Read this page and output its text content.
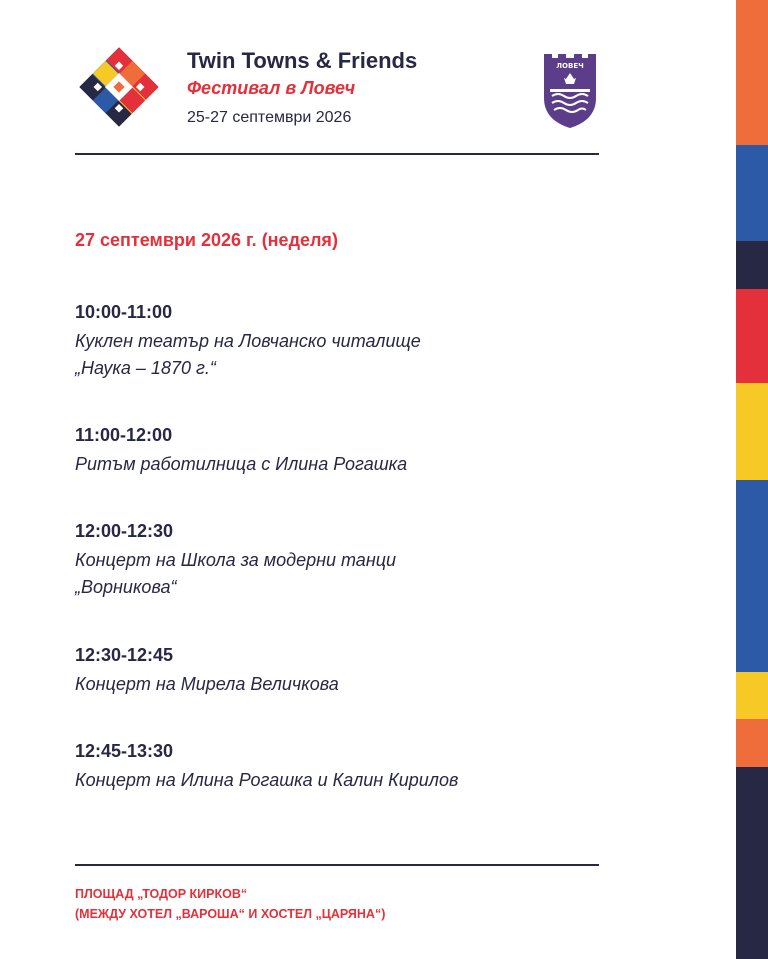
Twin Towns & Friends
Фестивал в Ловеч
25-27 септември 2026
ЛОВЕЧ
27 септември 2026 г. (неделя)
10:00-11:00
Куклен театър на Ловчанско читалище
„Наука – 1870 г.“
11:00-12:00
Ритъм работилница с Илина Рогашка
12:00-12:30
Концерт на Школа за модерни танци
„Ворникова“
12:30-12:45
Концерт на Мирела Величкова
12:45-13:30
Концерт на Илина Рогашка и Калин Кирилов
ПЛОЩАД „ТОДОР КИРКОВ“
(МЕЖДУ ХОТЕЛ „ВАРОША“ И ХОСТЕЛ „ЦАРЯНА“)
